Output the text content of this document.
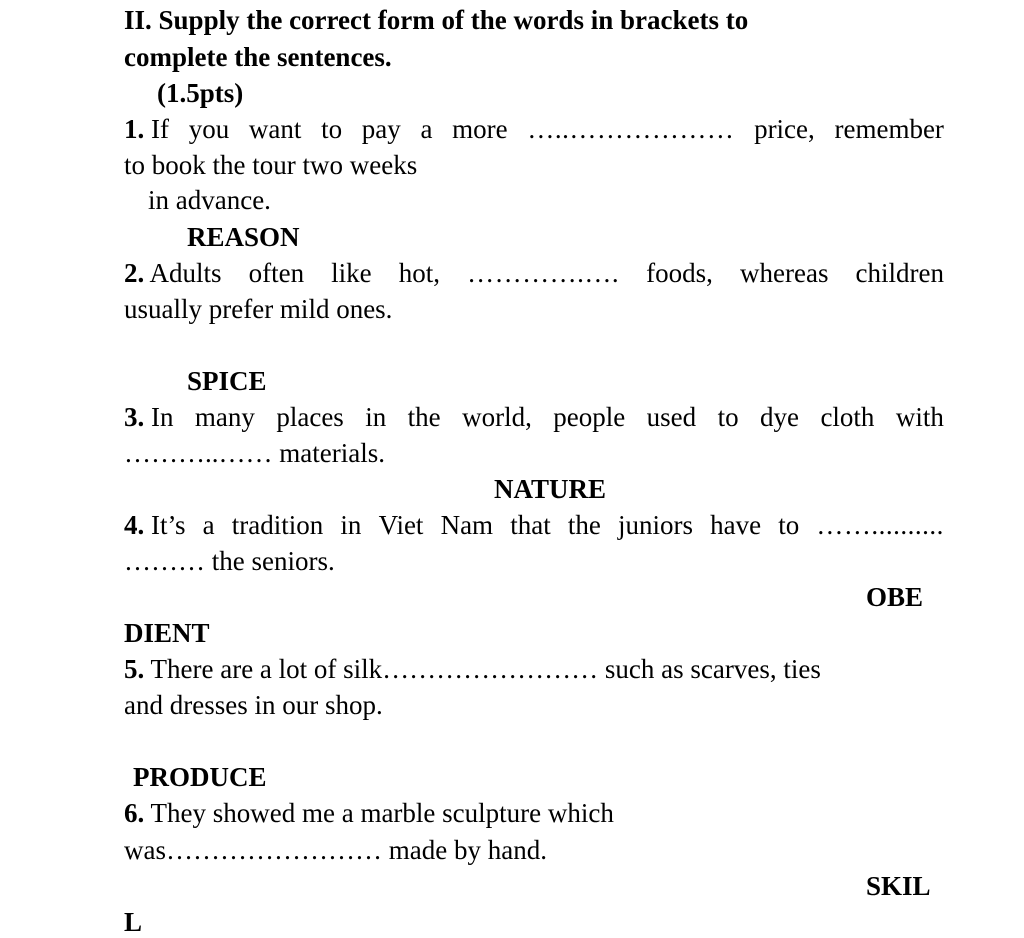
II. Supply the correct form of the words in brackets to
complete the sentences.
(1.5pts)
1. If you want to pay a more …..……………… price, remember
to book the tour two weeks
in advance.
REASON
2. Adults often like hot, ………….…. foods, whereas children
usually prefer mild ones.
SPICE
3. In many places in the world, people used to dye cloth with
………..…… materials.
NATURE
4. It’s a tradition in Viet Nam that the juniors have to ……..........
……… the seniors.
OBE
DIENT
5. There are a lot of silk…………………… such as scarves, ties
and dresses in our shop.
PRODUCE
6. They showed me a marble sculpture which
was…………………… made by hand.
SKIL
L
